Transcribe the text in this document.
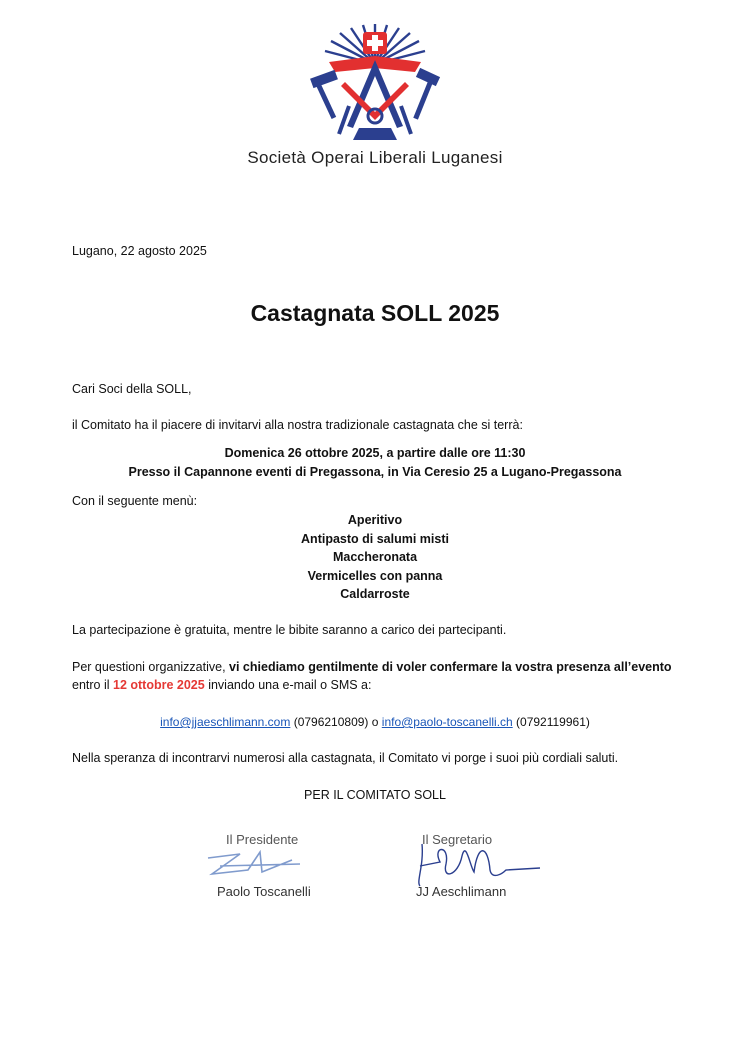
Società Operai Liberali Luganesi
Lugano, 22 agosto 2025
Castagnata SOLL 2025
Cari Soci della SOLL,
il Comitato ha il piacere di invitarvi alla nostra tradizionale castagnata che si terrà:
Domenica 26 ottobre 2025, a partire dalle ore 11:30
Presso il Capannone eventi di Pregassona, in Via Ceresio 25 a Lugano-Pregassona
Con il seguente menù:
Aperitivo
Antipasto di salumi misti
Maccheronata
Vermicelles con panna
Caldarroste
La partecipazione è gratuita, mentre le bibite saranno a carico dei partecipanti.
Per questioni organizzative, vi chiediamo gentilmente di voler confermare la vostra presenza all’evento entro il 12 ottobre 2025 inviando una e-mail o SMS a:
info@jjaeschlimann.com (0796210809) o info@paolo-toscanelli.ch (0792119961)
Nella speranza di incontrarvi numerosi alla castagnata, il Comitato vi porge i suoi più cordiali saluti.
PER IL COMITATO SOLL
Il Presidente
Paolo Toscanelli
Il Segretario
JJ Aeschlimann
